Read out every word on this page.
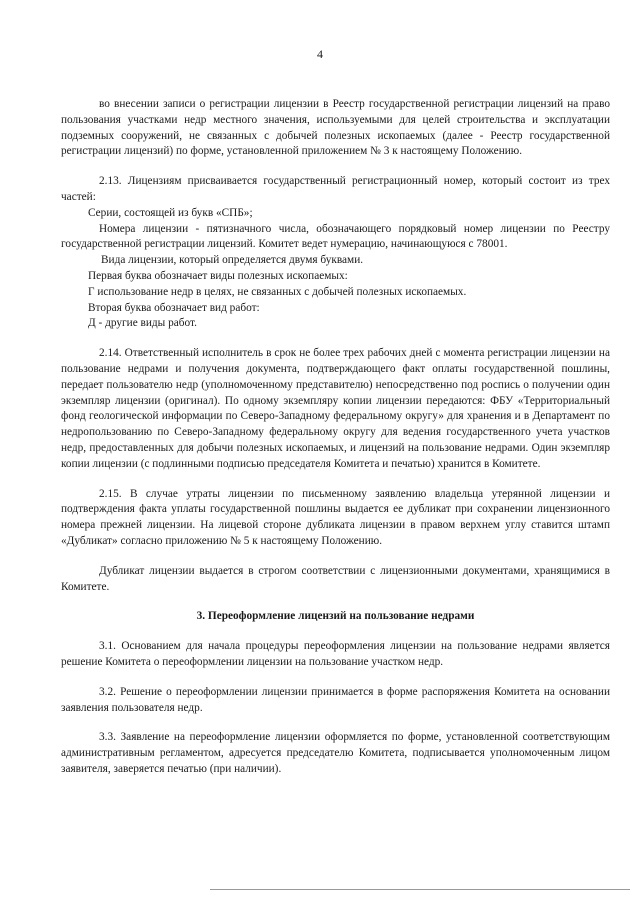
4

во внесении записи о регистрации лицензии в Реестр государственной регистрации лицензий на право пользования участками недр местного значения, используемыми для целей строительства и эксплуатации подземных сооружений, не связанных с добычей полезных ископаемых (далее - Реестр государственной регистрации лицензий) по форме, установленной приложением № 3 к настоящему Положению.

2.13. Лицензиям присваивается государственный регистрационный номер, который состоит из трех частей:

Серии, состоящей из букв «СПБ»;

Номера лицензии - пятизначного числа, обозначающего порядковый номер лицензии по Реестру государственной регистрации лицензий. Комитет ведет нумерацию, начинающуюся с 78001.

Вида лицензии, который определяется двумя буквами.

Первая буква обозначает виды полезных ископаемых:

Г использование недр в целях, не связанных с добычей полезных ископаемых.

Вторая буква обозначает вид работ:

Д - другие виды работ.

2.14. Ответственный исполнитель в срок не более трех рабочих дней с момента регистрации лицензии на пользование недрами и получения документа, подтверждающего факт оплаты государственной пошлины, передает пользователю недр (уполномоченному представителю) непосредственно под роспись о получении один экземпляр лицензии (оригинал). По одному экземпляру копии лицензии передаются: ФБУ «Территориальный фонд геологической информации по Северо-Западному федеральному округу» для хранения и в Департамент по недропользованию по Северо-Западному федеральному округу для ведения государственного учета участков недр, предоставленных для добычи полезных ископаемых, и лицензий на пользование недрами. Один экземпляр копии лицензии (с подлинными подписью председателя Комитета и печатью) хранится в Комитете.

2.15. В случае утраты лицензии по письменному заявлению владельца утерянной лицензии и подтверждения факта уплаты государственной пошлины выдается ее дубликат при сохранении лицензионного номера прежней лицензии. На лицевой стороне дубликата лицензии в правом верхнем углу ставится штамп «Дубликат» согласно приложению № 5 к настоящему Положению.

Дубликат лицензии выдается в строгом соответствии с лицензионными документами, хранящимися в Комитете.

3. Переоформление лицензий на пользование недрами

3.1. Основанием для начала процедуры переоформления лицензии на пользование недрами является решение Комитета о переоформлении лицензии на пользование участком недр.

3.2. Решение о переоформлении лицензии принимается в форме распоряжения Комитета на основании заявления пользователя недр.

3.3. Заявление на переоформление лицензии оформляется по форме, установленной соответствующим административным регламентом, адресуется председателю Комитета, подписывается уполномоченным лицом заявителя, заверяется печатью (при наличии).
